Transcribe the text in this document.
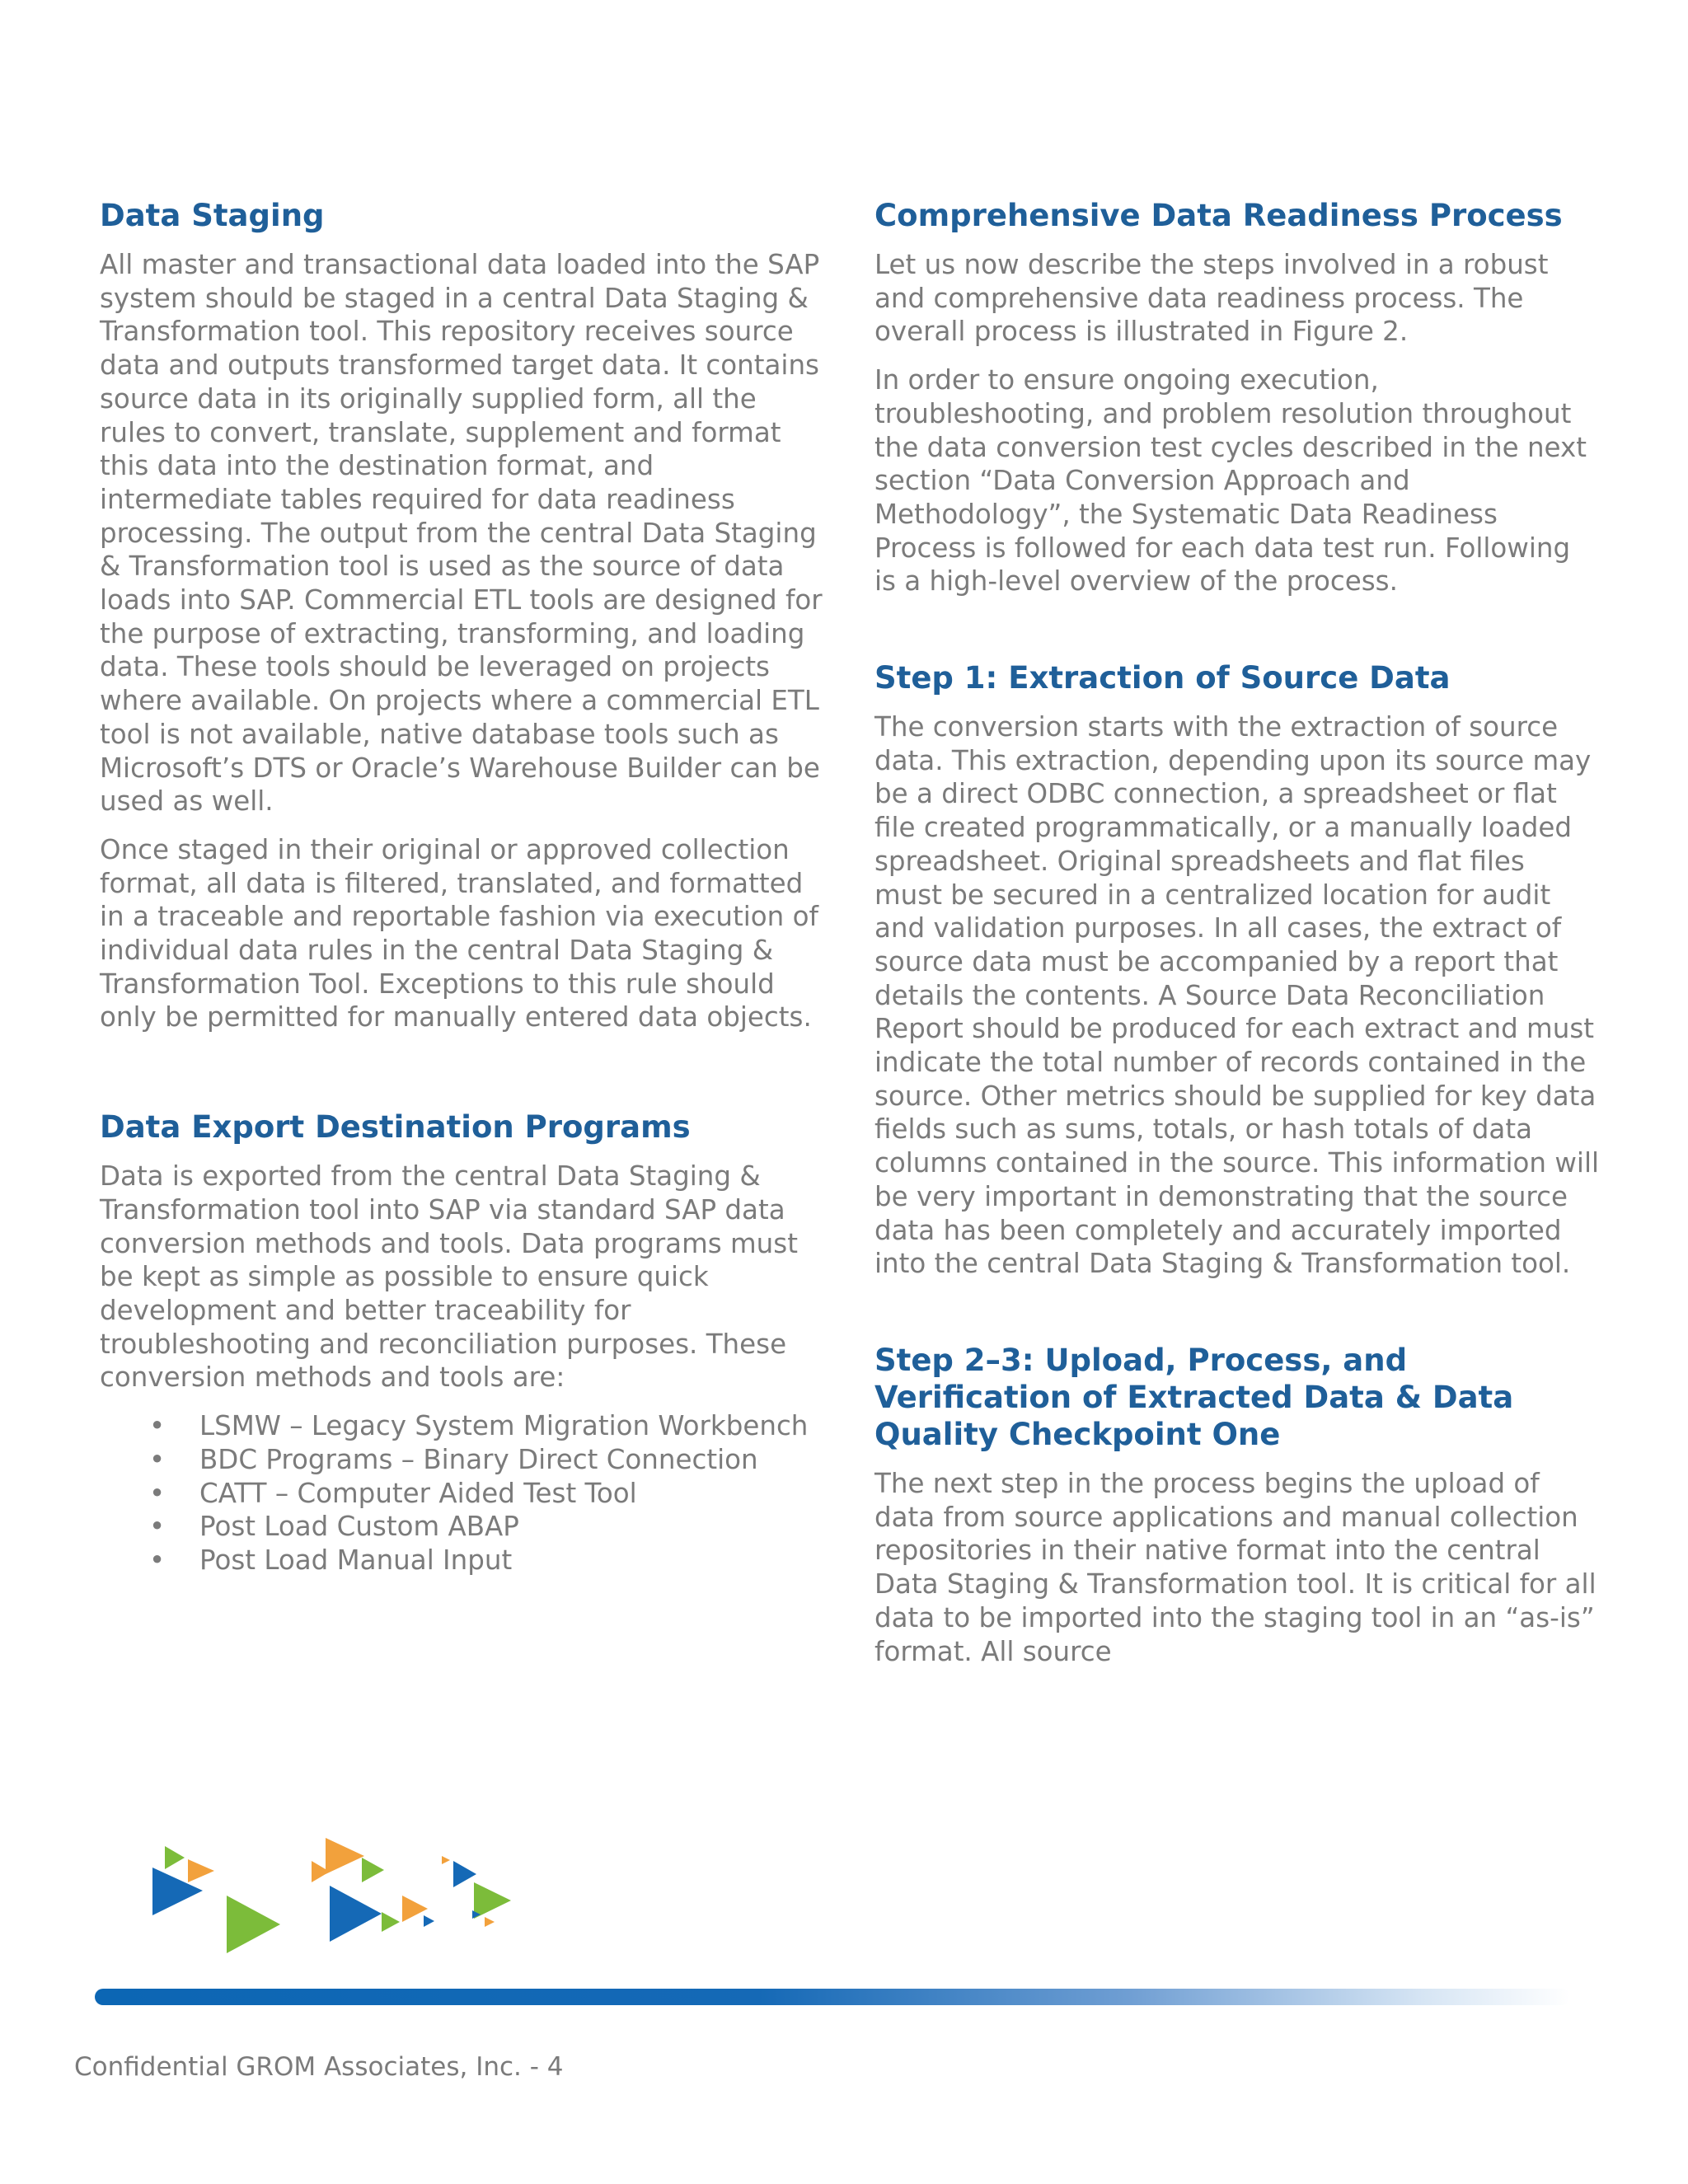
Data Staging

All master and transactional data loaded into the SAP system should be staged in a central Data Staging & Transformation tool. This repository receives source data and outputs transformed target data. It contains source data in its originally supplied form, all the rules to convert, translate, supplement and format this data into the destination format, and intermediate tables required for data readiness processing. The output from the central Data Staging & Transformation tool is used as the source of data loads into SAP. Commercial ETL tools are designed for the purpose of extracting, transforming, and loading data. These tools should be leveraged on projects where available. On projects where a commercial ETL tool is not available, native database tools such as Microsoft’s DTS or Oracle’s Warehouse Builder can be used as well.

Once staged in their original or approved collection format, all data is filtered, translated, and formatted in a traceable and reportable fashion via execution of individual data rules in the central Data Staging & Transformation Tool. Exceptions to this rule should only be permitted for manually entered data objects.

Data Export Destination Programs

Data is exported from the central Data Staging & Transformation tool into SAP via standard SAP data conversion methods and tools. Data programs must be kept as simple as possible to ensure quick development and better traceability for troubleshooting and reconciliation purposes. These conversion methods and tools are:

• LSMW – Legacy System Migration Workbench
• BDC Programs – Binary Direct Connection
• CATT – Computer Aided Test Tool
• Post Load Custom ABAP
• Post Load Manual Input
Comprehensive Data Readiness Process

Let us now describe the steps involved in a robust and comprehensive data readiness process. The overall process is illustrated in Figure 2.

In order to ensure ongoing execution, troubleshooting, and problem resolution throughout the data conversion test cycles described in the next section “Data Conversion Approach and Methodology”, the Systematic Data Readiness Process is followed for each data test run. Following is a high-level overview of the process.

Step 1: Extraction of Source Data

The conversion starts with the extraction of source data. This extraction, depending upon its source may be a direct ODBC connection, a spreadsheet or flat file created programmatically, or a manually loaded spreadsheet. Original spreadsheets and flat files must be secured in a centralized location for audit and validation purposes. In all cases, the extract of source data must be accompanied by a report that details the contents. A Source Data Reconciliation Report should be produced for each extract and must indicate the total number of records contained in the source. Other metrics should be supplied for key data fields such as sums, totals, or hash totals of data columns contained in the source. This information will be very important in demonstrating that the source data has been completely and accurately imported into the central Data Staging & Transformation tool.

Step 2–3: Upload, Process, and Verification of Extracted Data & Data Quality Checkpoint One

The next step in the process begins the upload of data from source applications and manual collection repositories in their native format into the central Data Staging & Transformation tool. It is critical for all data to be imported into the staging tool in an “as-is” format. All source

Confidential GROM Associates, Inc. - 4
